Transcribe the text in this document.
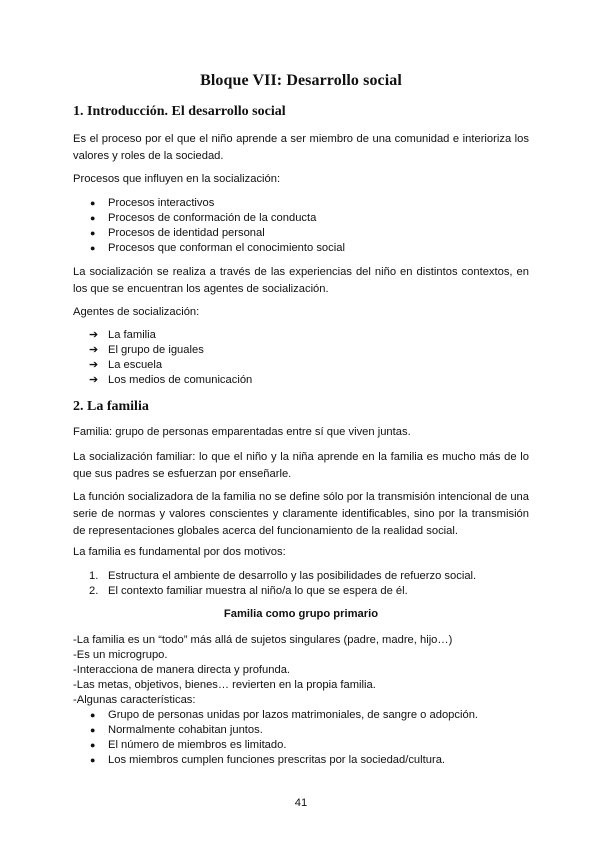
Bloque VII: Desarrollo social
1. Introducción. El desarrollo social

Es el proceso por el que el niño aprende a ser miembro de una comunidad e interioriza los valores y roles de la sociedad.

Procesos que influyen en la socialización:
● Procesos interactivos
● Procesos de conformación de la conducta
● Procesos de identidad personal
● Procesos que conforman el conocimiento social

La socialización se realiza a través de las experiencias del niño en distintos contextos, en los que se encuentran los agentes de socialización.

Agentes de socialización:
➔ La familia
➔ El grupo de iguales
➔ La escuela
➔ Los medios de comunicación
2. La familia
Familia: grupo de personas emparentadas entre sí que viven juntas.

La socialización familiar: lo que el niño y la niña aprende en la familia es mucho más de lo que sus padres se esfuerzan por enseñarle.

La función socializadora de la familia no se define sólo por la transmisión intencional de una serie de normas y valores conscientes y claramente identificables, sino por la transmisión de representaciones globales acerca del funcionamiento de la realidad social.

La familia es fundamental por dos motivos:
1. Estructura el ambiente de desarrollo y las posibilidades de refuerzo social.
2. El contexto familiar muestra al niño/a lo que se espera de él.
Familia como grupo primario
-La familia es un “todo” más allá de sujetos singulares (padre, madre, hijo…)
-Es un microgrupo.
-Interacciona de manera directa y profunda.
-Las metas, objetivos, bienes… revierten en la propia familia.
-Algunas características:
● Grupo de personas unidas por lazos matrimoniales, de sangre o adopción.
● Normalmente cohabitan juntos.
● El número de miembros es limitado.
● Los miembros cumplen funciones prescritas por la sociedad/cultura.
41
